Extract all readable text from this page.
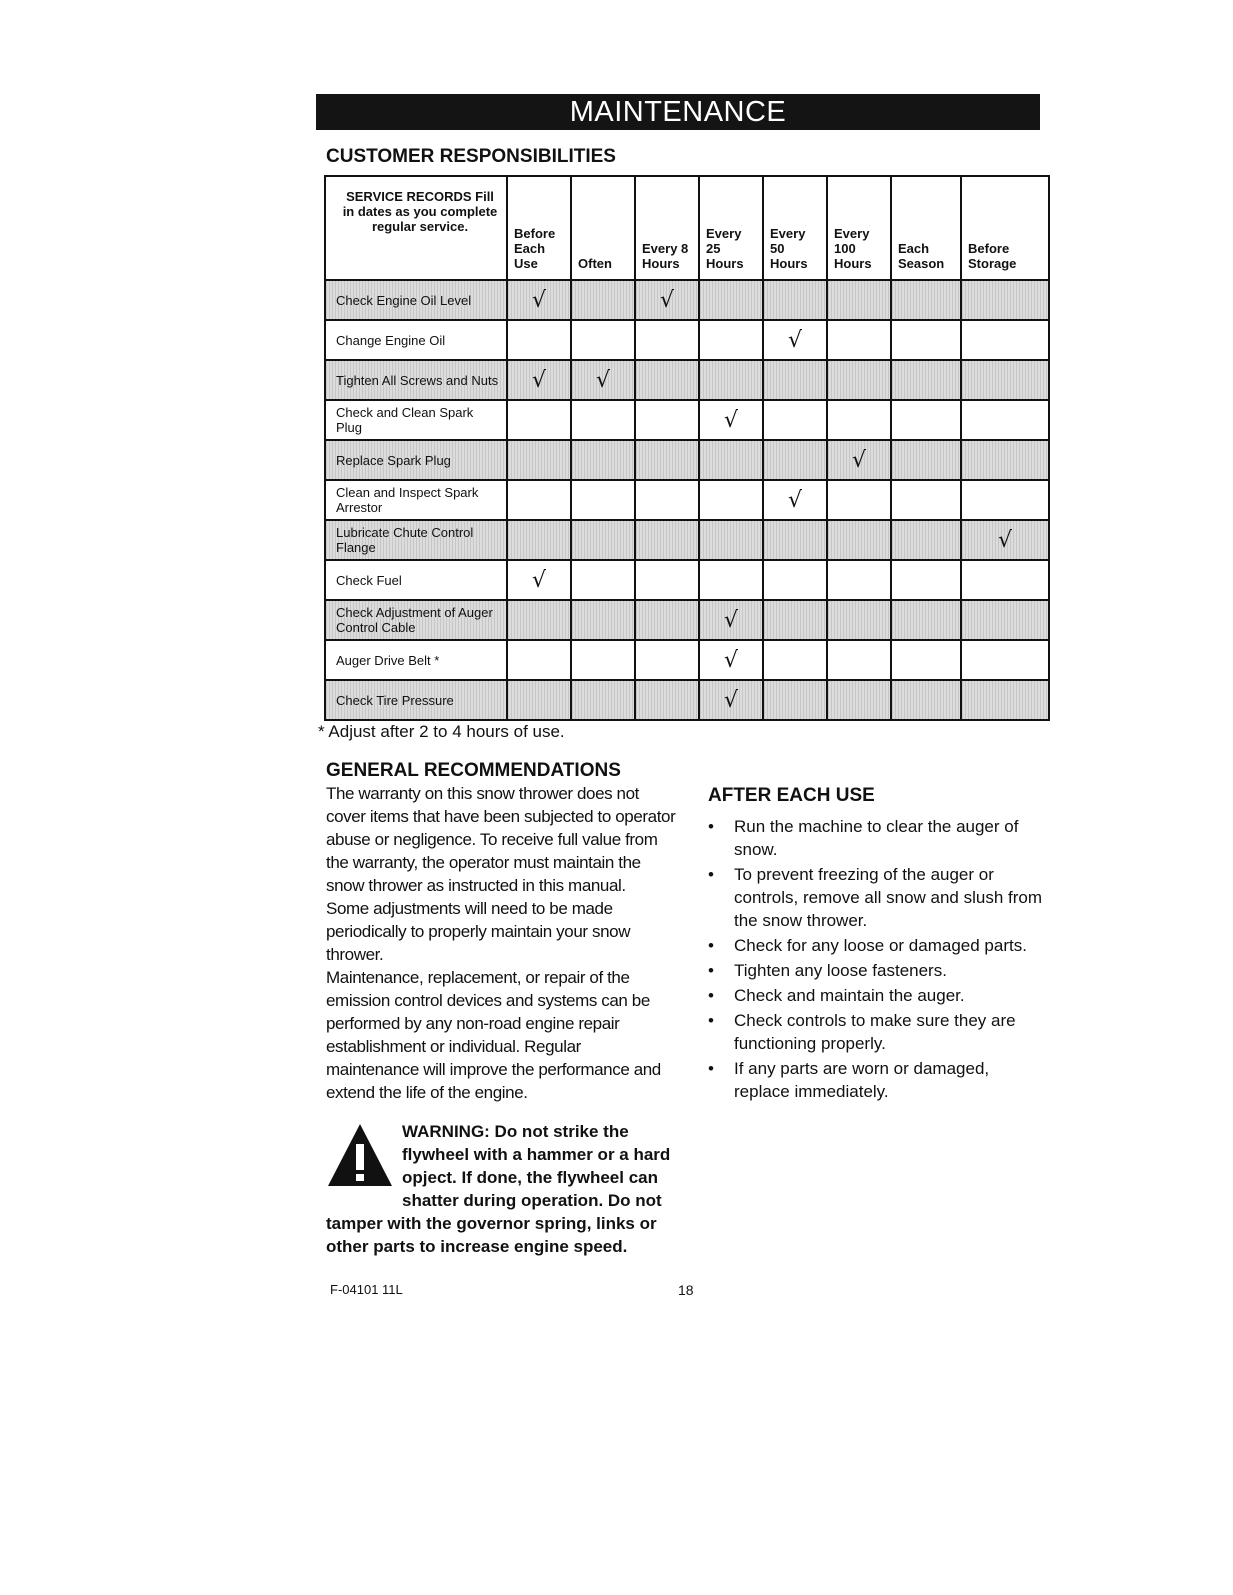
MAINTENANCE
CUSTOMER RESPONSIBILITIES
SERVICE RECORDS Fill in dates as you complete regular service.	Before Each Use	Often	Every 8 Hours	Every 25 Hours	Every 50 Hours	Every 100 Hours	Each Season	Before Storage
Check Engine Oil Level	√		√					
Change Engine Oil					√			
Tighten All Screws and Nuts	√	√						
Check and Clean Spark Plug				√				
Replace Spark Plug						√		
Clean and Inspect Spark Arrestor					√			
Lubricate Chute Control Flange								√
Check Fuel	√							
Check Adjustment of Auger Control Cable				√				
Auger Drive Belt *				√				
Check Tire Pressure				√				
* Adjust after 2 to 4 hours of use.
GENERAL RECOMMENDATIONS
The warranty on this snow thrower does not cover items that have been subjected to operator abuse or negligence. To receive full value from the warranty, the operator must maintain the snow thrower as instructed in this manual.
Some adjustments will need to be made periodically to properly maintain your snow thrower.
Maintenance, replacement, or repair of the emission control devices and systems can be performed by any non-road engine repair establishment or individual. Regular maintenance will improve the performance and extend the life of the engine.
WARNING: Do not strike the flywheel with a hammer or a hard opject. If done, the flywheel can shatter during operation. Do not tamper with the governor spring, links or other parts to increase engine speed.
AFTER EACH USE
• Run the machine to clear the auger of snow.
• To prevent freezing of the auger or controls, remove all snow and slush from the snow thrower.
• Check for any loose or damaged parts.
• Tighten any loose fasteners.
• Check and maintain the auger.
• Check controls to make sure they are functioning properly.
• If any parts are worn or damaged, replace immediately.
F-04101 11L	18
